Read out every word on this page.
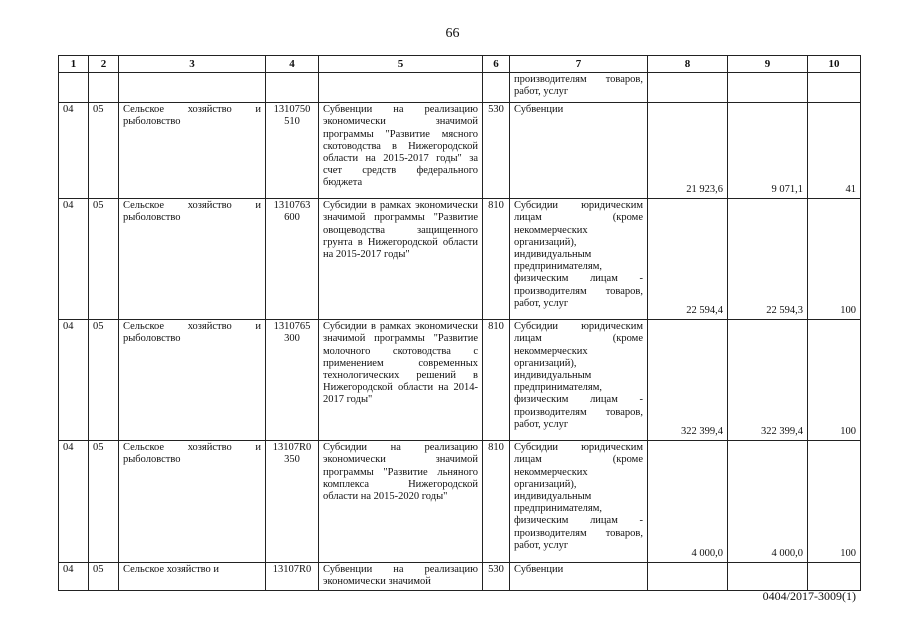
66
1	2	3	4	5	6	7	8	9	10
						производителям товаров, работ, услуг			
04	05	Сельское хозяйство и рыболовство	1310750 510	Субвенции на реализацию экономически значимой программы "Развитие мясного скотоводства в Нижегородской области на 2015-2017 годы" за счет средств федерального бюджета	530	Субвенции	21 923,6	9 071,1	41
04	05	Сельское хозяйство и рыболовство	1310763 600	Субсидии в рамках экономически значимой программы "Развитие овощеводства защищенного грунта в Нижегородской области на 2015-2017 годы"	810	Субсидии юридическим лицам (кроме некоммерческих организаций), индивидуальным предпринимателям, физическим лицам - производителям товаров, работ, услуг	22 594,4	22 594,3	100
04	05	Сельское хозяйство и рыболовство	1310765 300	Субсидии в рамках экономически значимой программы "Развитие молочного скотоводства с применением современных технологических решений в Нижегородской области на 2014-2017 годы"	810	Субсидии юридическим лицам (кроме некоммерческих организаций), индивидуальным предпринимателям, физическим лицам - производителям товаров, работ, услуг	322 399,4	322 399,4	100
04	05	Сельское хозяйство и рыболовство	13107R0 350	Субсидии на реализацию экономически значимой программы "Развитие льняного комплекса Нижегородской области на 2015-2020 годы"	810	Субсидии юридическим лицам (кроме некоммерческих организаций), индивидуальным предпринимателям, физическим лицам - производителям товаров, работ, услуг	4 000,0	4 000,0	100
04	05	Сельское хозяйство и	13107R0	Субвенции на реализацию экономически значимой	530	Субвенции			
0404/2017-3009(1)
